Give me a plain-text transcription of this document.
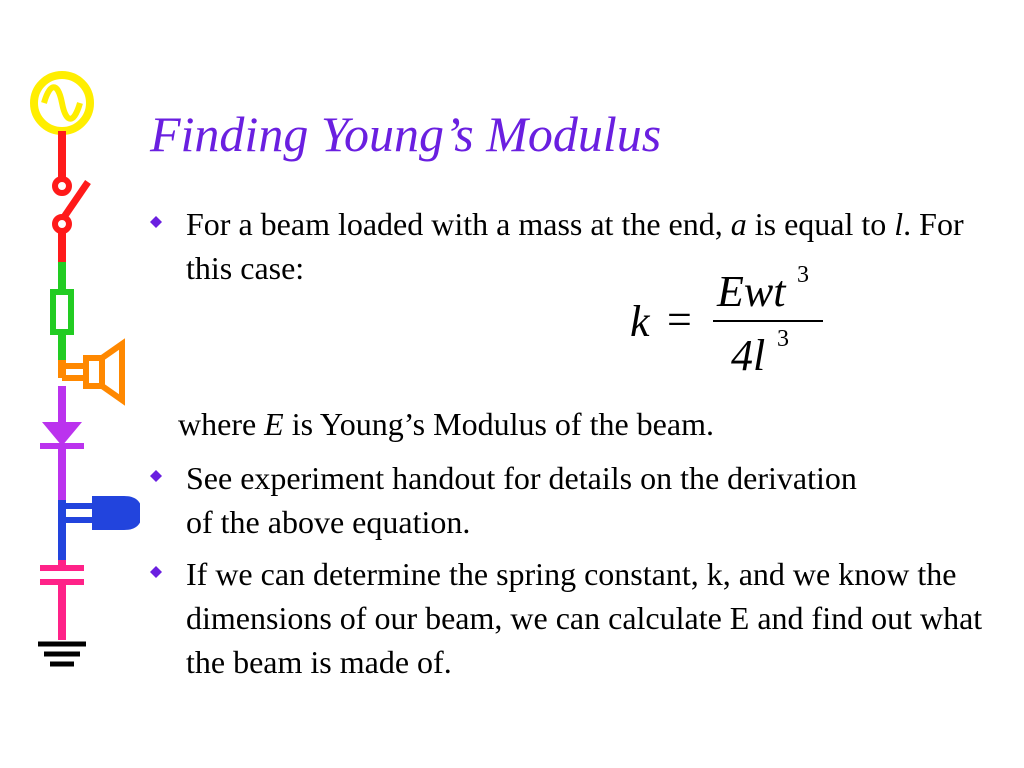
Finding Young’s Modulus
For a beam loaded with a mass at the end, a is equal to l. For this case:
k =
Ewt 3
4l 3
where E is Young’s Modulus of the beam.
See experiment handout for details on the derivation of the above equation.
If we can determine the spring constant, k, and we know the dimensions of our beam, we can calculate E and find out what the beam is made of.
